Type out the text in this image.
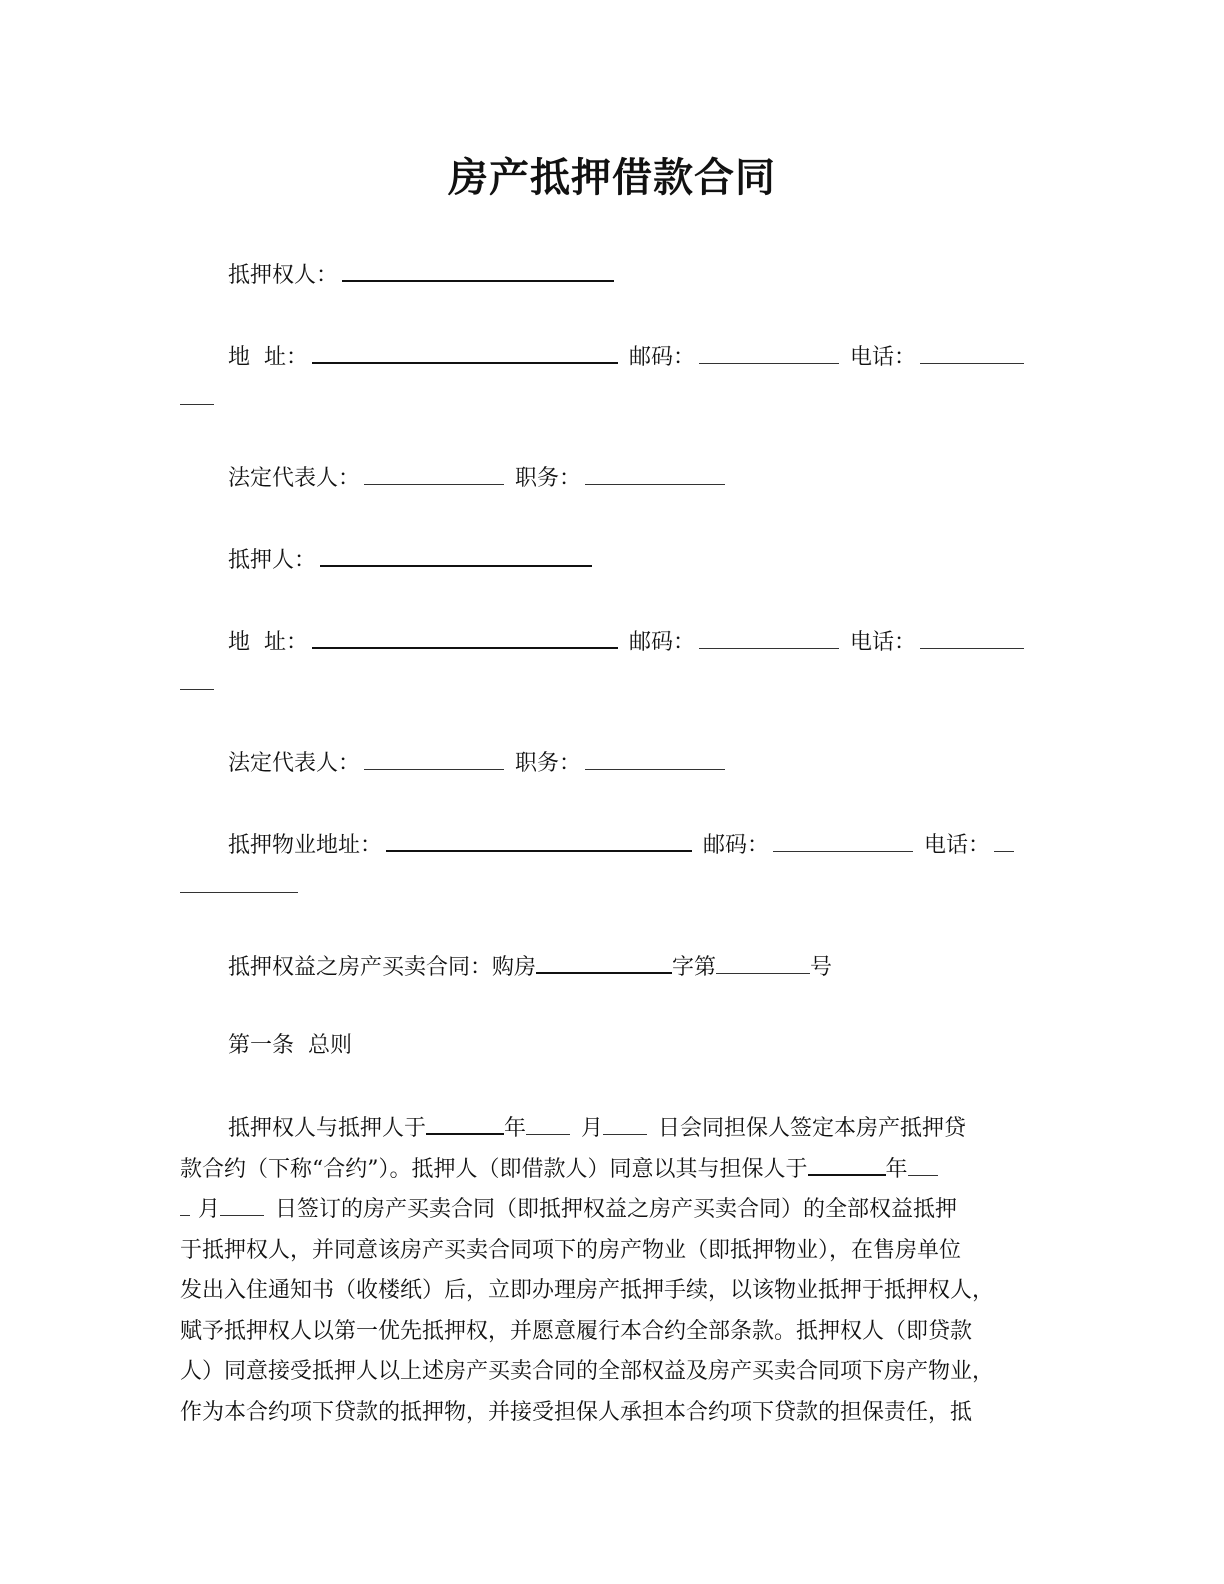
房产抵押借款合同
抵押权人：
地  址：	邮码：	电话：
法定代表人：	职务：
抵押人：
地  址：	邮码：	电话：
法定代表人：	职务：
抵押物业地址：	邮码：	电话：
抵押权益之房产买卖合同：购房	字第	号
第一条  总则
抵押权人与抵押人于	年	月	日会同担保人签定本房产抵押贷
款合约（下称“合约”）。抵押人（即借款人）同意以其与担保人于	年
月	日签订的房产买卖合同（即抵押权益之房产买卖合同）的全部权益抵押
于抵押权人，并同意该房产买卖合同项下的房产物业（即抵押物业），在售房单位
发出入住通知书（收楼纸）后，立即办理房产抵押手续，以该物业抵押于抵押权人，
赋予抵押权人以第一优先抵押权，并愿意履行本合约全部条款。抵押权人（即贷款
人）同意接受抵押人以上述房产买卖合同的全部权益及房产买卖合同项下房产物业，
作为本合约项下贷款的抵押物，并接受担保人承担本合约项下贷款的担保责任，抵
